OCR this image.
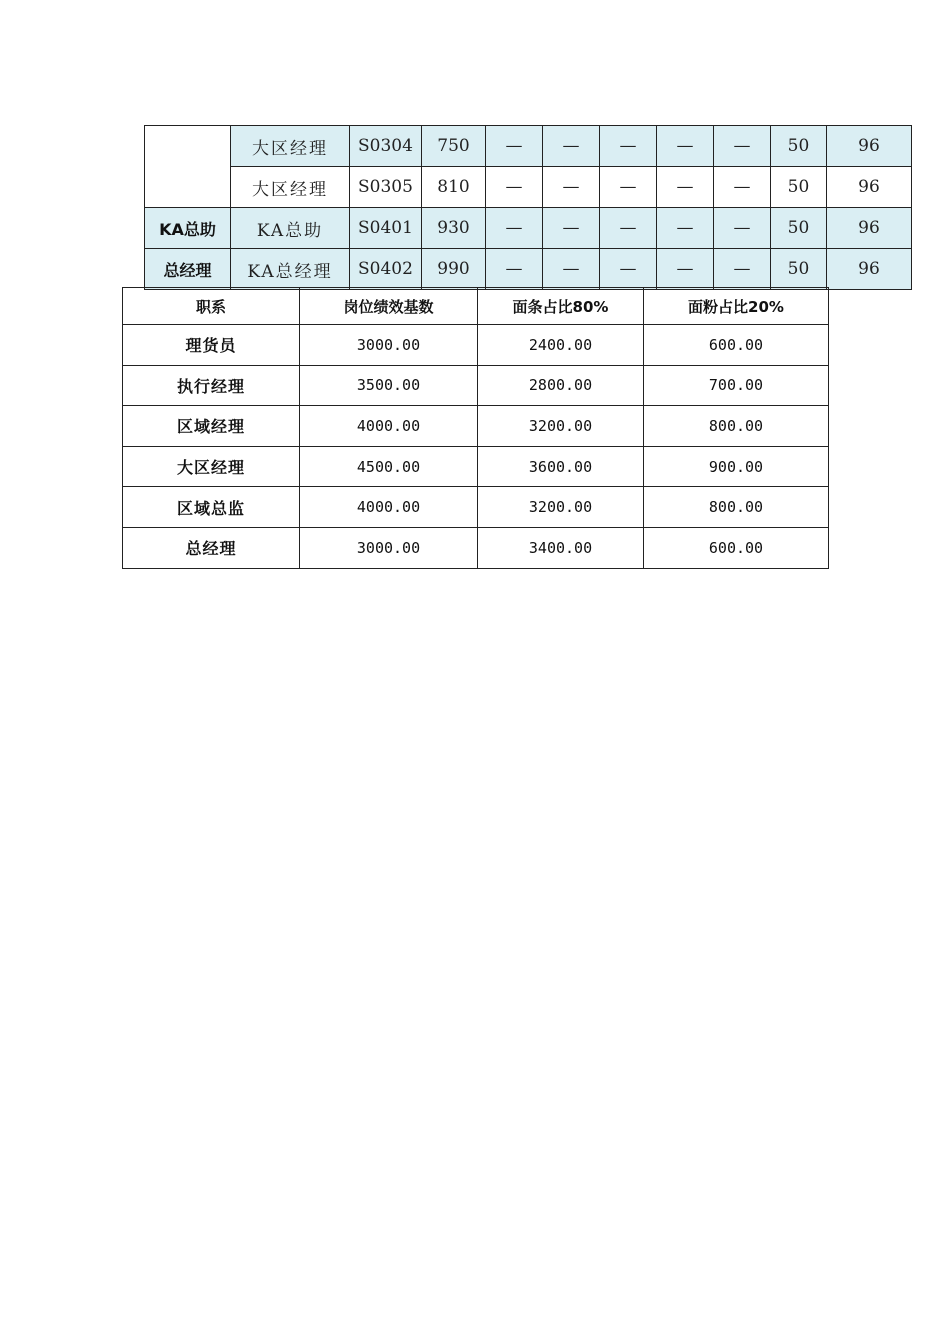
	大区经理	S0304	750	—	—	—	—	—	50	96
	大区经理	S0305	810	—	—	—	—	—	50	96
KA总助	KA总助	S0401	930	—	—	—	—	—	50	96
总经理	KA总经理	S0402	990	—	—	—	—	—	50	96
职系	岗位绩效基数	面条占比80%	面粉占比20%
理货员	3000.00	2400.00	600.00
执行经理	3500.00	2800.00	700.00
区域经理	4000.00	3200.00	800.00
大区经理	4500.00	3600.00	900.00
区域总监	4000.00	3200.00	800.00
总经理	3000.00	3400.00	600.00
